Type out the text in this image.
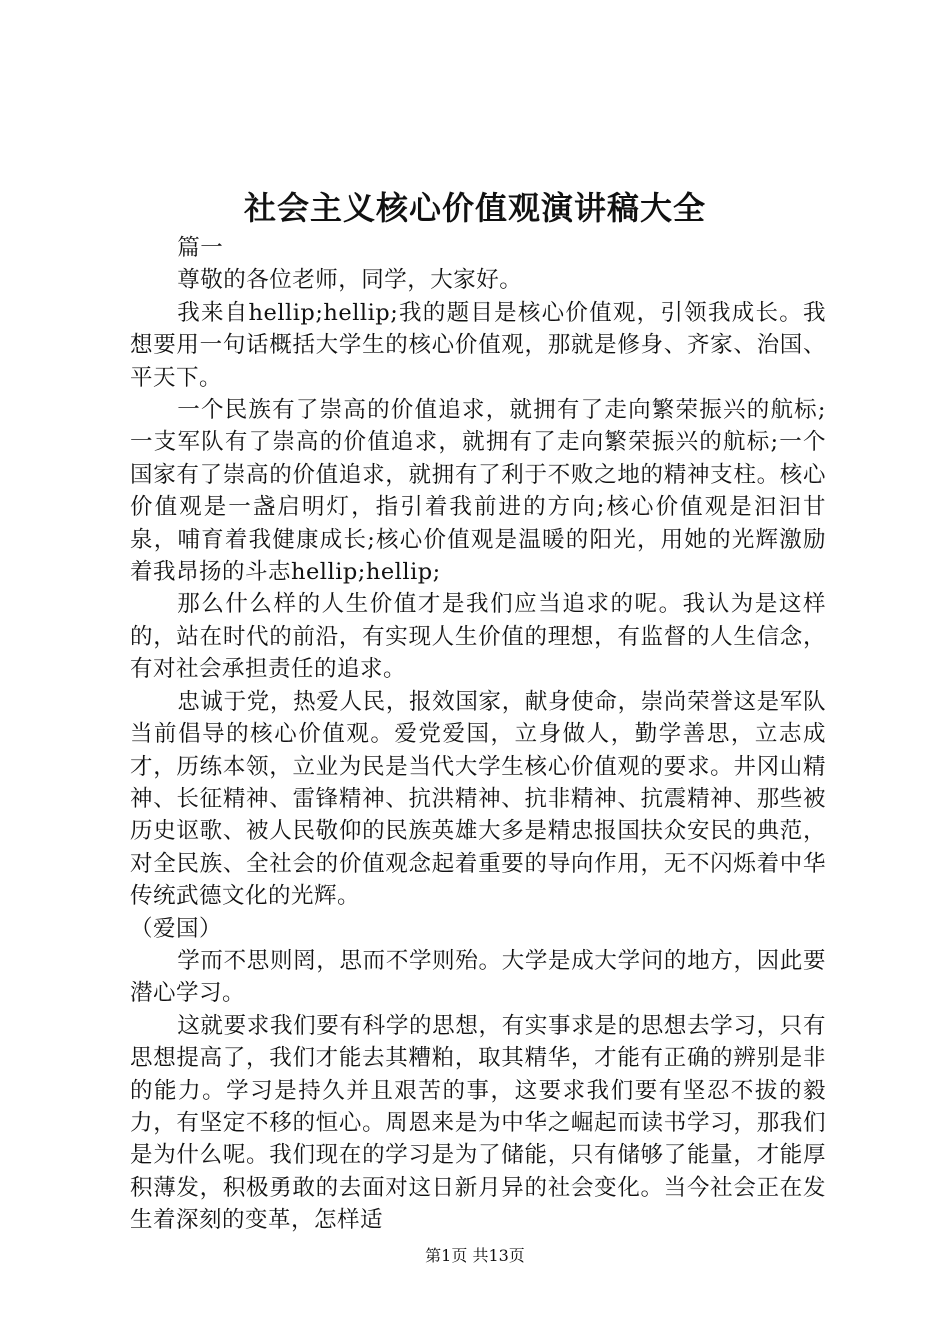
社会主义核心价值观演讲稿大全

篇一

尊敬的各位老师，同学，大家好。

我来自hellip;hellip;我的题目是核心价值观，引领我成长。我想要用一句话概括大学生的核心价值观，那就是修身、齐家、治国、平天下。

一个民族有了崇高的价值追求，就拥有了走向繁荣振兴的航标;一支军队有了崇高的价值追求，就拥有了走向繁荣振兴的航标;一个国家有了崇高的价值追求，就拥有了利于不败之地的精神支柱。核心价值观是一盏启明灯，指引着我前进的方向;核心价值观是汩汩甘泉，哺育着我健康成长;核心价值观是温暖的阳光，用她的光辉激励着我昂扬的斗志hellip;hellip;

那么什么样的人生价值才是我们应当追求的呢。我认为是这样的，站在时代的前沿，有实现人生价值的理想，有监督的人生信念，有对社会承担责任的追求。

忠诚于党，热爱人民，报效国家，献身使命，崇尚荣誉这是军队当前倡导的核心价值观。爱党爱国，立身做人，勤学善思，立志成才，历练本领，立业为民是当代大学生核心价值观的要求。井冈山精神、长征精神、雷锋精神、抗洪精神、抗非精神、抗震精神、那些被历史讴歌、被人民敬仰的民族英雄大多是精忠报国扶众安民的典范，对全民族、全社会的价值观念起着重要的导向作用，无不闪烁着中华传统武德文化的光辉。

（爱国）

学而不思则罔，思而不学则殆。大学是成大学问的地方，因此要潜心学习。

这就要求我们要有科学的思想，有实事求是的思想去学习，只有思想提高了，我们才能去其糟粕，取其精华，才能有正确的辨别是非的能力。学习是持久并且艰苦的事，这要求我们要有坚忍不拔的毅力，有坚定不移的恒心。周恩来是为中华之崛起而读书学习，那我们是为什么呢。我们现在的学习是为了储能，只有储够了能量，才能厚积薄发，积极勇敢的去面对这日新月异的社会变化。当今社会正在发生着深刻的变革，怎样适

第1页 共13页
